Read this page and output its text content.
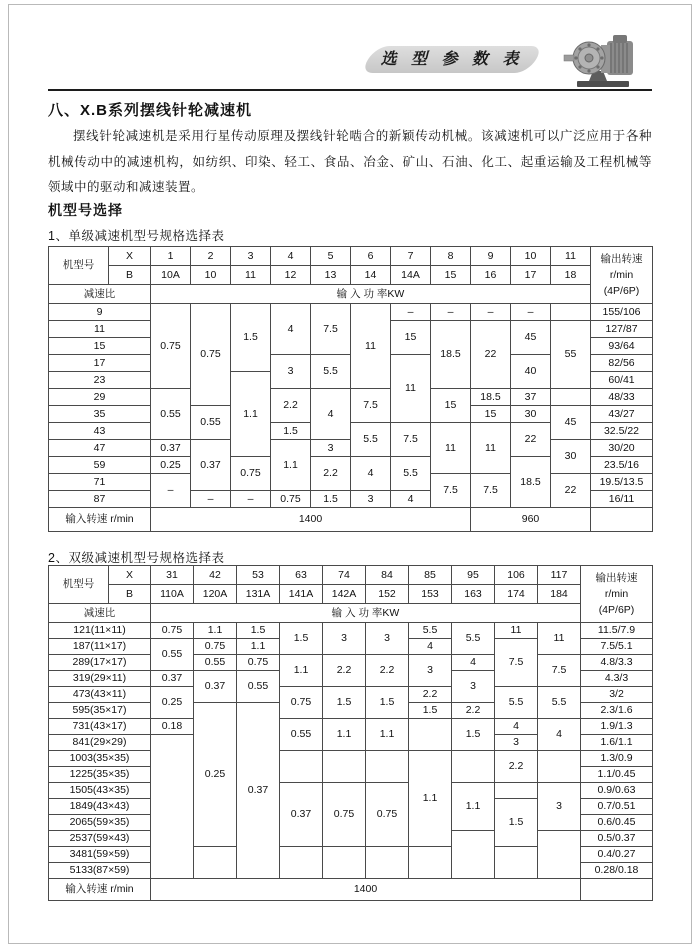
选 型 参 数 表
八、X.B系列摆线针轮减速机
摆线针轮减速机是采用行星传动原理及摆线针轮啮合的新颖传动机械。该减速机可以广泛应用于各种机械传动中的减速机构，如纺织、印染、轻工、食品、冶金、矿山、石油、化工、起重运输及工程机械等领域中的驱动和减速装置。
机型号选择
1、单级减速机型号规格选择表
机型号	X	1	2	3	4	5	6	7	8	9	10	11	输出转速
r/min
(4P/6P)

	B	10A	10	11	12	13	14	14A	15	16	17	18	
减速比		输 入 功 率KW											
9		0.75	0.75	1.5	4	7.5	11	–	–	–	–		155/106
11								15	18.5	22	45	55	127/87
15													93/64
17					3	5.5		11			40		82/56
23				1.1									60/41
29		0.55			2.2	4	7.5		15	18.5	37		48/33
35			0.55							15	30	45	43/27
43					1.5		5.5	7.5	11	11	22		32.5/22
47		0.37	0.37		1.1	3						30	30/20
59		0.25		0.75		2.2	4	5.5			18.5		23.5/16
71		–							7.5	7.5		22	19.5/13.5
87			–	–	0.75	1.5	3	4					16/11
输入转速 r/min		1400								960			
2、双级减速机型号规格选择表
机型号	X	31	42	53	63	74	84	85	95	106	117	输出转速
r/min
(4P/6P)

	B	110A	120A	131A	141A	142A	152	153	163	174	184	
减速比		输 入 功 率KW										
121(11×11)		0.75	1.1	1.5	1.5	3	3	5.5	5.5	11	11	11.5/7.9
187(11×17)		0.55	0.75	1.1				4		7.5		7.5/5.1
289(17×17)			0.55	0.75	1.1	2.2	2.2	3	4		7.5	4.8/3.3
319(29×11)		0.37	0.37	0.55					3			4.3/3
473(43×11)		0.25			0.75	1.5	1.5	2.2		5.5	5.5	3/2
595(35×17)			0.25	0.37				1.5	2.2			2.3/1.6
731(43×17)		0.18			0.55	1.1	1.1		1.5	4	4	1.9/1.3
841(29×29)										3		1.6/1.1
1003(35×35)								1.1		2.2		1.3/0.9
1225(35×35)												1.1/0.45
1505(43×35)					0.37	0.75	0.75		1.1		3	0.9/0.63
1849(43×43)										1.5		0.7/0.51
2065(59×35)												0.6/0.45
2537(59×43)												0.5/0.37
3481(59×59)												0.4/0.27
5133(87×59)												0.28/0.18
输入转速 r/min		1400										
